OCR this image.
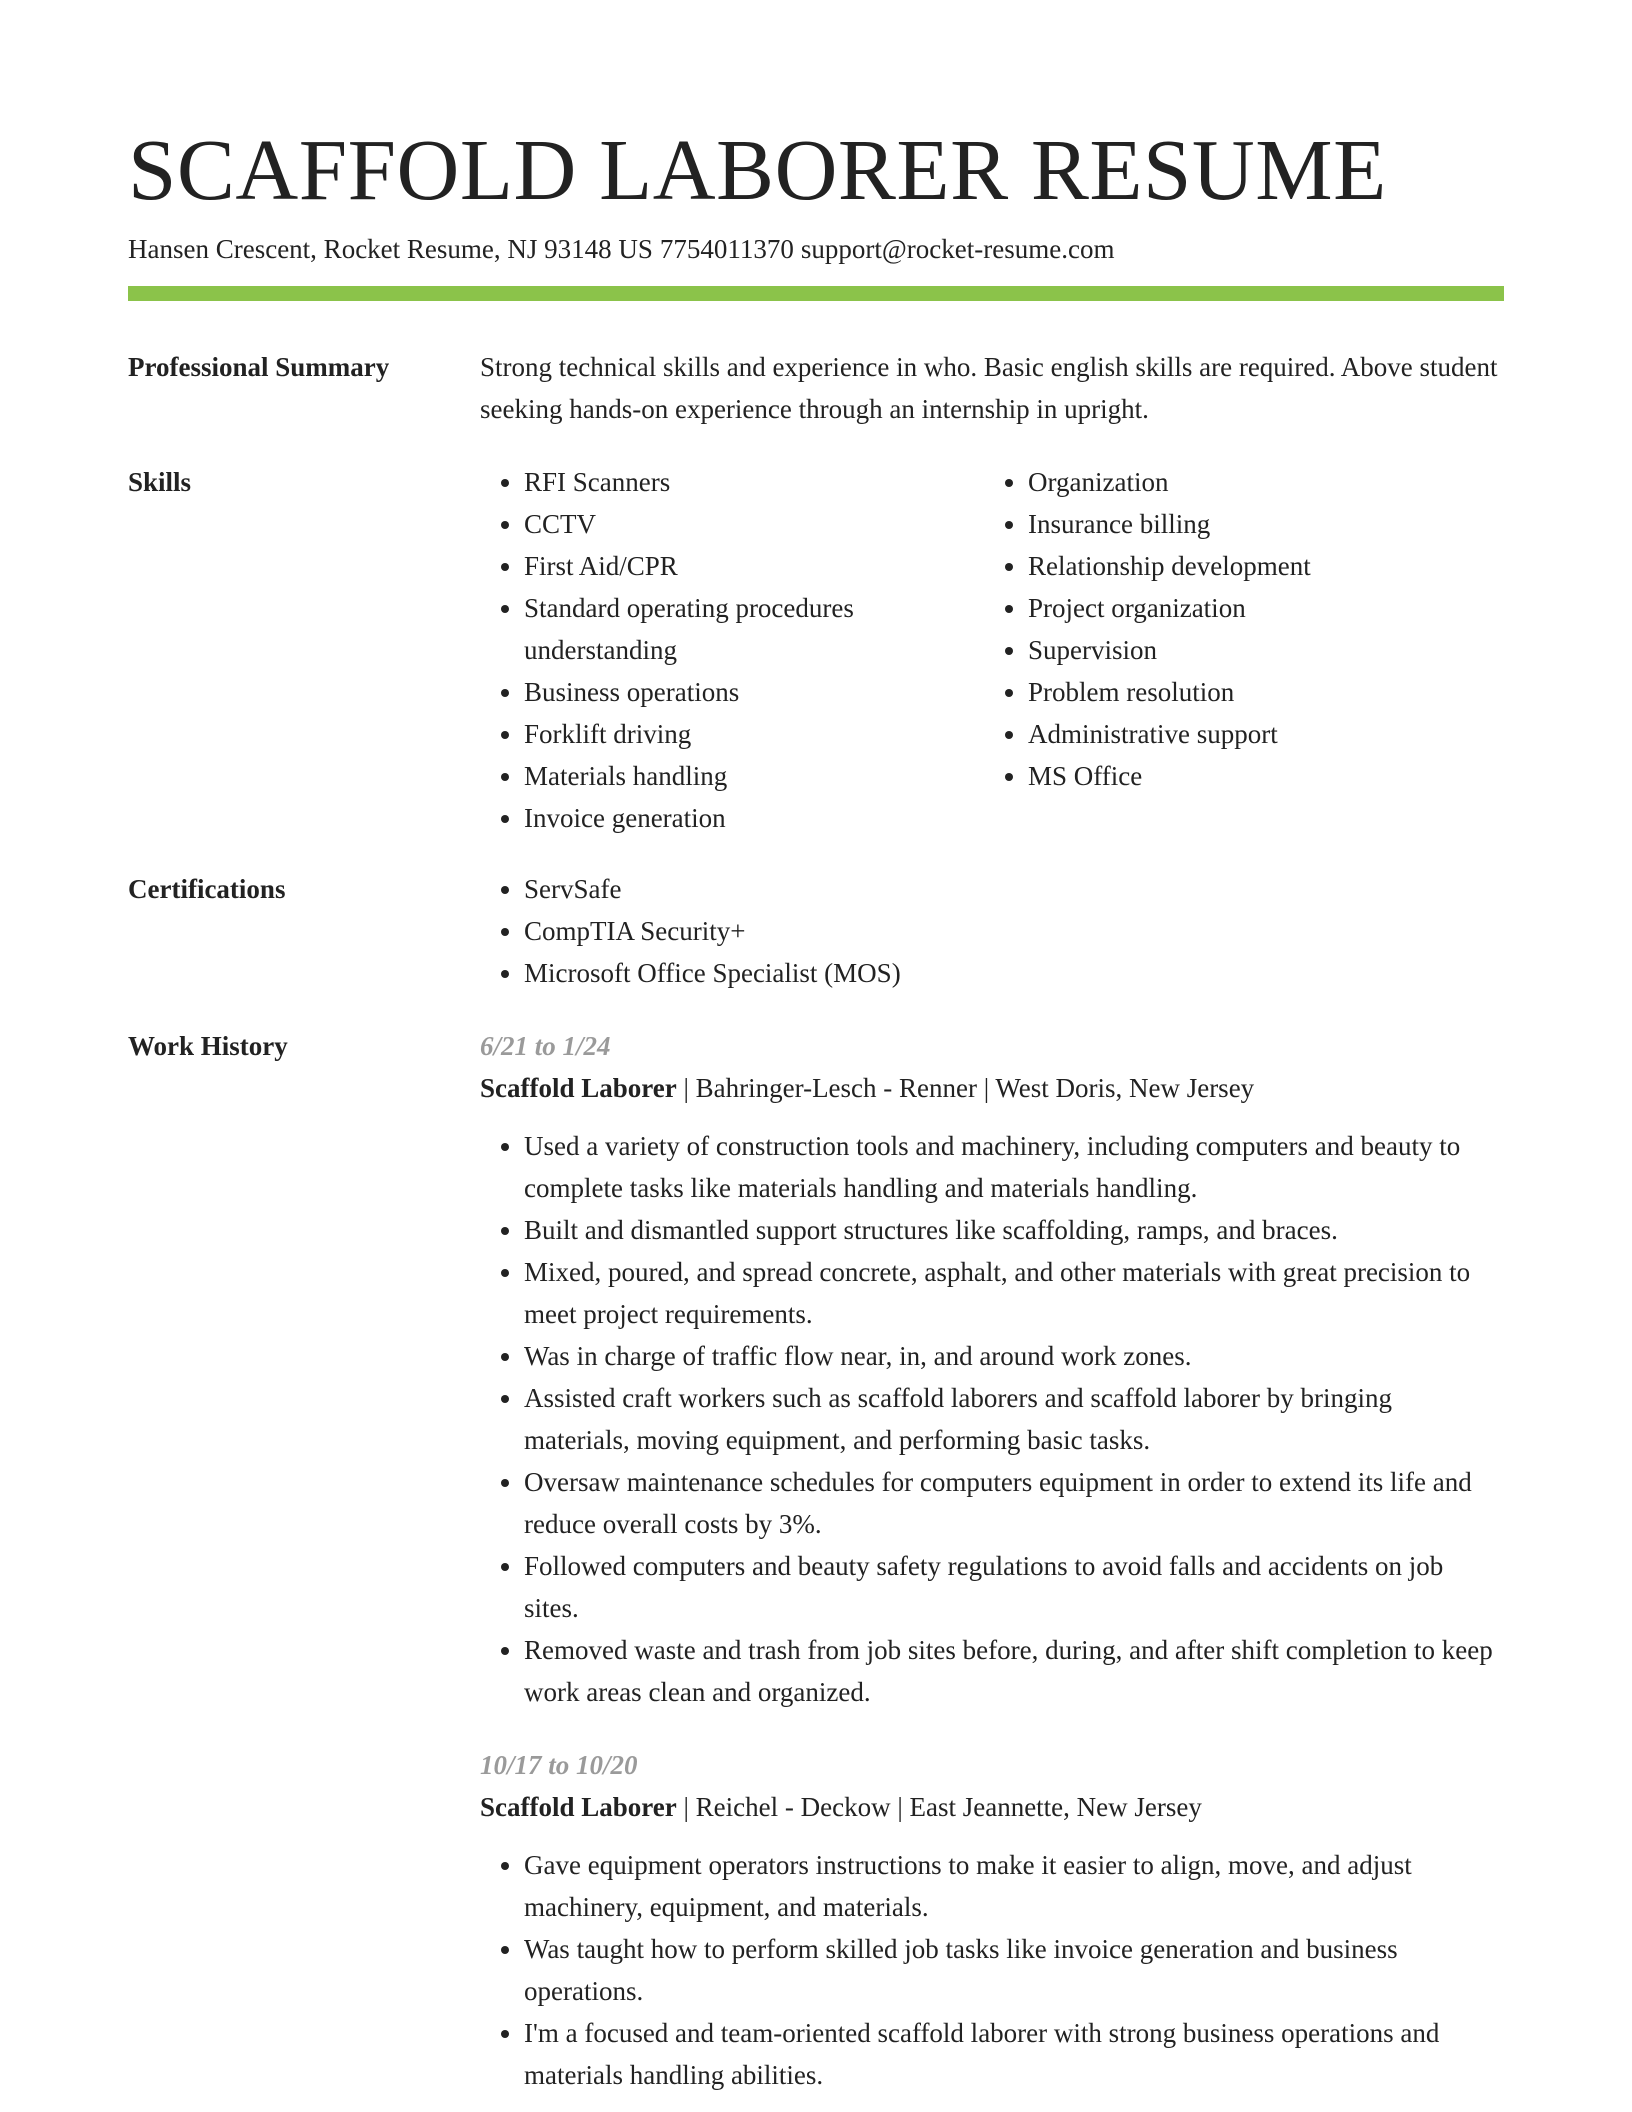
SCAFFOLD LABORER RESUME
Hansen Crescent, Rocket Resume, NJ 93148 US 7754011370 support@rocket-resume.com
Professional Summary	Strong technical skills and experience in who. Basic english skills are required. Above student seeking hands-on experience through an internship in upright.

Skills	• RFI Scanners
• CCTV
• First Aid/CPR
• Standard operating procedures understanding
• Business operations
• Forklift driving
• Materials handling
• Invoice generation
• Organization
• Insurance billing
• Relationship development
• Project organization
• Supervision
• Problem resolution
• Administrative support
• MS Office
Certifications	• ServSafe
• CompTIA Security+
• Microsoft Office Specialist (MOS)
Work History	6/21 to 1/24
Scaffold Laborer | Bahringer-Lesch - Renner | West Doris, New Jersey
• Used a variety of construction tools and machinery, including computers and beauty to complete tasks like materials handling and materials handling.
• Built and dismantled support structures like scaffolding, ramps, and braces.
• Mixed, poured, and spread concrete, asphalt, and other materials with great precision to meet project requirements.
• Was in charge of traffic flow near, in, and around work zones.
• Assisted craft workers such as scaffold laborers and scaffold laborer by bringing materials, moving equipment, and performing basic tasks.
• Oversaw maintenance schedules for computers equipment in order to extend its life and reduce overall costs by 3%.
• Followed computers and beauty safety regulations to avoid falls and accidents on job sites.
• Removed waste and trash from job sites before, during, and after shift completion to keep work areas clean and organized.
10/17 to 10/20
Scaffold Laborer | Reichel - Deckow | East Jeannette, New Jersey
• Gave equipment operators instructions to make it easier to align, move, and adjust machinery, equipment, and materials.
• Was taught how to perform skilled job tasks like invoice generation and business operations.
• I'm a focused and team-oriented scaffold laborer with strong business operations and materials handling abilities.
